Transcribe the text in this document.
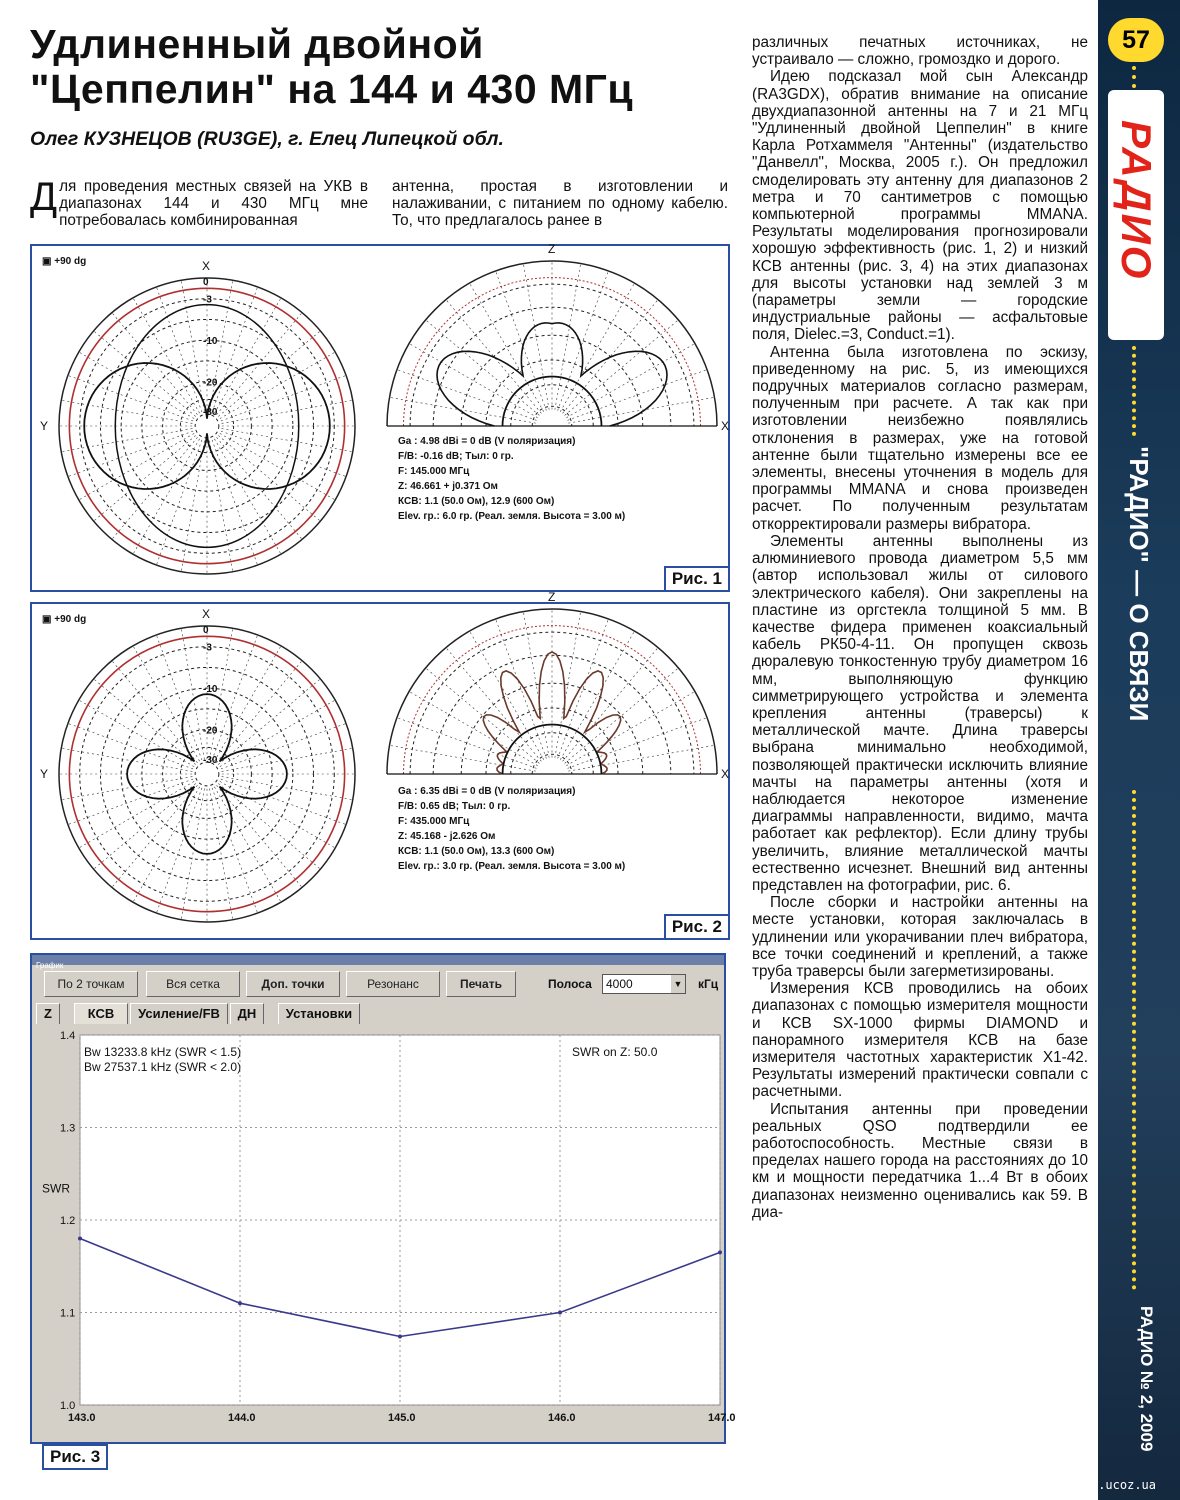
Удлиненный двойной "Цеппелин" на 144 и 430 МГц
Олег КУЗНЕЦОВ (RU3GE), г. Елец Липецкой обл.
Для проведения местных связей на УКВ в диапазонах 144 и 430 МГц мне потребовалась комбинированная
антенна, простая в изготовлении и налаживании, с питанием по одному кабелю. То, что предлагалось ранее в

различных печатных источниках, не устраивало — сложно, громоздко и дорого.

Идею подсказал мой сын Александр (RA3GDX), обратив внимание на описание двухдиапазонной антенны на 7 и 21 МГц "Удлиненный двойной Цеппелин" в книге Карла Ротхаммеля "Антенны" (издательство "Данвелл", Москва, 2005 г.). Он предложил смоделировать эту антенну для диапазонов 2 метра и 70 сантиметров с помощью компьютерной программы MMANA. Результаты моделирования прогнозировали хорошую эффективность (рис. 1, 2) и низкий КСВ антенны (рис. 3, 4) на этих диапазонах для высоты установки над землей 3 м (параметры земли — городские индустриальные районы — асфальтовые поля, Dielec.=3, Conduct.=1).

Антенна была изготовлена по эскизу, приведенному на рис. 5, из имеющихся подручных материалов согласно размерам, полученным при расчете. А так как при изготовлении неизбежно появлялись отклонения в размерах, уже на готовой антенне были тщательно измерены все ее элементы, внесены уточнения в модель для программы MMANA и снова произведен расчет. По полученным результатам откорректировали размеры вибратора.

Элементы антенны выполнены из алюминиевого провода диаметром 5,5 мм (автор использовал жилы от силового электрического кабеля). Они закреплены на пластине из оргстекла толщиной 5 мм. В качестве фидера применен коаксиальный кабель РК50-4-11. Он пропущен сквозь дюралевую тонкостенную трубу диаметром 16 мм, выполняющую функцию симметрирующего устройства и элемента крепления антенны (траверсы) к металлической мачте. Длина траверсы выбрана минимально необходимой, позволяющей практически исключить влияние мачты на параметры антенны (хотя и наблюдается некоторое изменение диаграммы направленности, видимо, мачта работает как рефлектор). Если длину трубы увеличить, влияние металлической мачты естественно исчезнет. Внешний вид антенны представлен на фотографии, рис. 6.

После сборки и настройки антенны на месте установки, которая заключалась в удлинении или укорачивании плеч вибратора, все точки соединений и креплений, а также труба траверсы были загерметизированы.

Измерения КСВ проводились на обоих диапазонах с помощью измерителя мощности и КСВ SX-1000 фирмы DIAMOND и панорамного измерителя КСВ на базе измерителя частотных характеристик Х1-42. Результаты измерений практически совпали с расчетными.

Испытания антенны при проведении реальных QSO подтвердили ее работоспособность. Местные связи в пределах нашего города на расстояниях до 10 км и мощности передатчика 1...4 Вт в обоих диапазонах неизменно оценивались как 59. В диа-

▣ +90 dg	X
Y
0
-3
-10
-20
-30
Z
X
Ga : 4.98 dBi = 0 dB (V поляризация)
F/B: -0.16 dB; Тыл: 0 гр.
F: 145.000 МГц
Z: 46.661 + j0.371 Ом
КСВ: 1.1 (50.0 Ом), 12.9 (600 Ом)
Elev. гр.: 6.0 гр. (Реал. земля. Высота = 3.00 м)
Рис. 1
▣ +90 dg	X
Y
0
-3
-10
-20
-30
Z
X
Ga : 6.35 dBi = 0 dB (V поляризация)
F/B: 0.65 dB; Тыл: 0 гр.
F: 435.000 МГц
Z: 45.168 - j2.626 Ом
КСВ: 1.1 (50.0 Ом), 13.3 (600 Ом)
Elev. гр.: 3.0 гр. (Реал. земля. Высота = 3.00 м)
Рис. 2
График
По 2 точкам	Вся сетка	Доп. точки	Резонанс	Печать	Полоса	4000	▼ кГц
Z	КСВ	Усиление/FB	ДН	Установки
1.0
1.1
1.2
1.3
1.4
143.0	144.0	145.0	146.0	147.0
SWR
Bw 13233.8 kHz (SWR < 1.5)
Bw 27537.1 kHz (SWR < 2.0)
SWR on Z: 50.0
Рис. 3
57
РАДИО
"РАДИО" — О СВЯЗИ
РАДИО № 2, 2009
radioproffi.ucoz.ua
